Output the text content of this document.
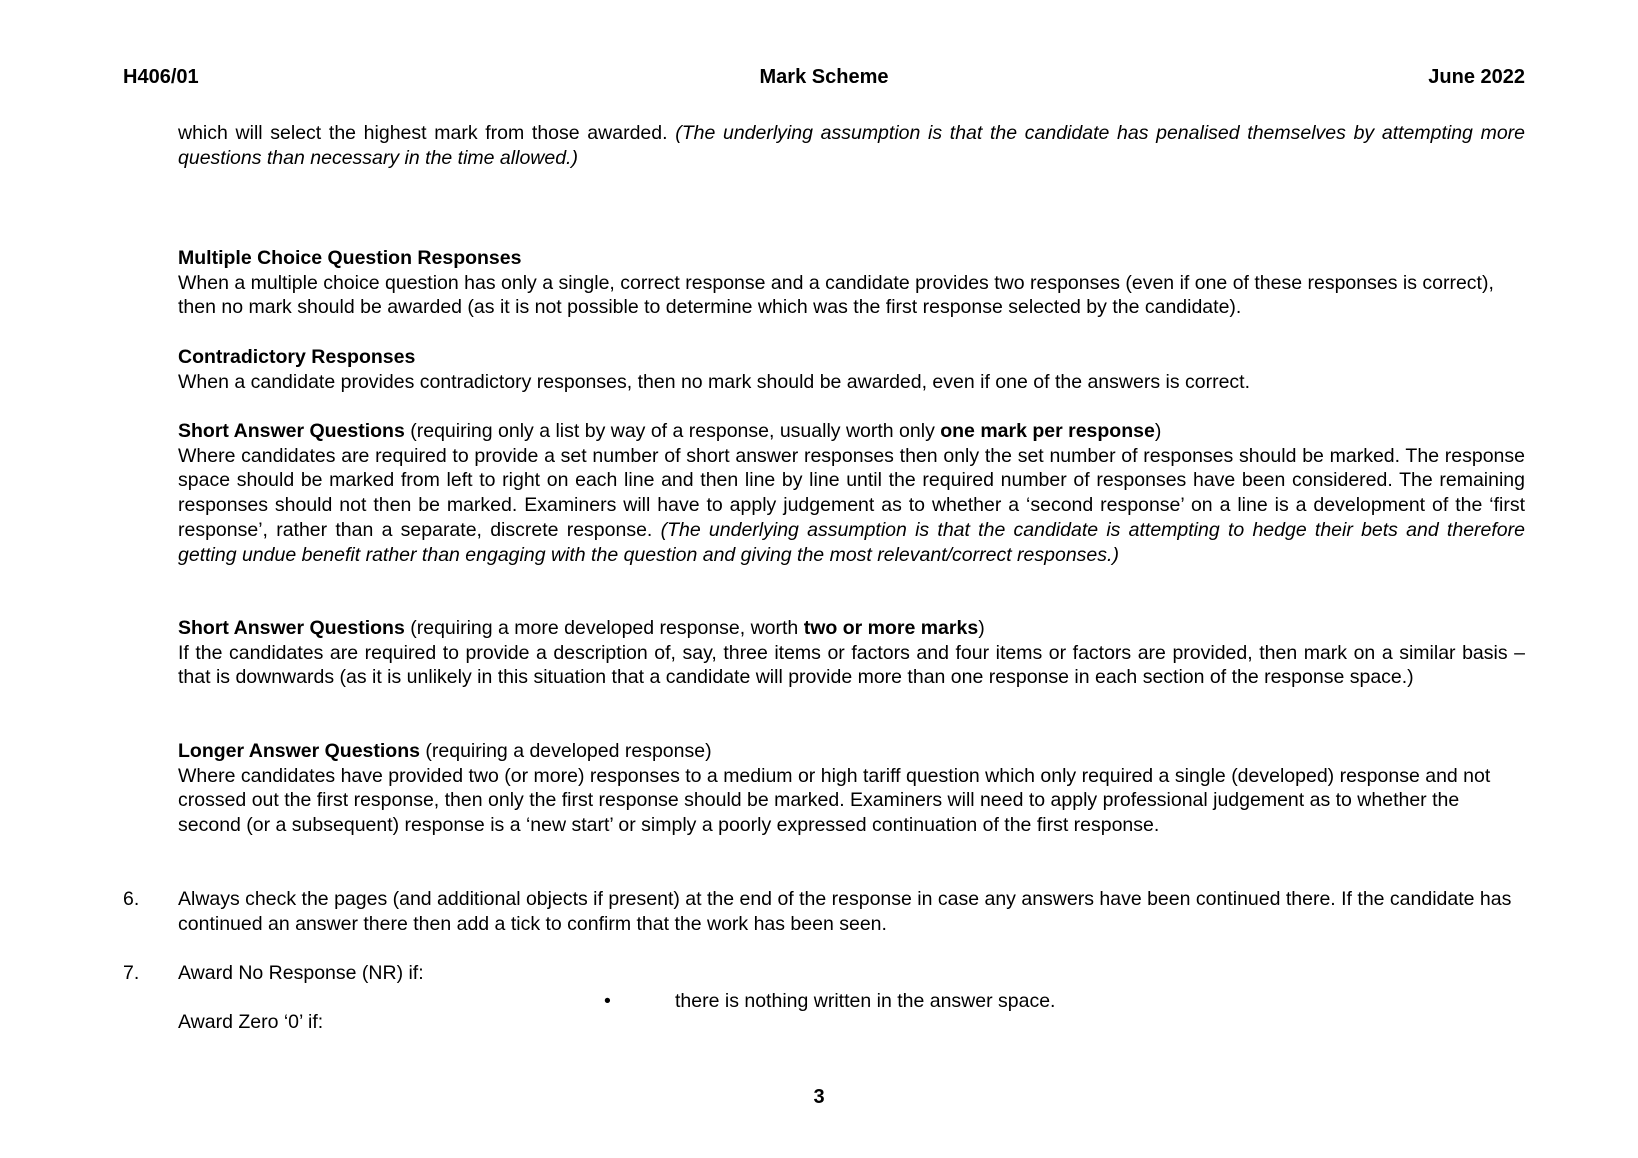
H406/01	Mark Scheme	June 2022

which will select the highest mark from those awarded. (The underlying assumption is that the candidate has penalised themselves by attempting more questions than necessary in the time allowed.)

Multiple Choice Question Responses

When a multiple choice question has only a single, correct response and a candidate provides two responses (even if one of these responses is correct), then no mark should be awarded (as it is not possible to determine which was the first response selected by the candidate).

Contradictory Responses

When a candidate provides contradictory responses, then no mark should be awarded, even if one of the answers is correct.

Short Answer Questions (requiring only a list by way of a response, usually worth only one mark per response)

Where candidates are required to provide a set number of short answer responses then only the set number of responses should be marked. The response space should be marked from left to right on each line and then line by line until the required number of responses have been considered. The remaining responses should not then be marked. Examiners will have to apply judgement as to whether a ‘second response’ on a line is a development of the ‘first response’, rather than a separate, discrete response. (The underlying assumption is that the candidate is attempting to hedge their bets and therefore getting undue benefit rather than engaging with the question and giving the most relevant/correct responses.)

Short Answer Questions (requiring a more developed response, worth two or more marks)

If the candidates are required to provide a description of, say, three items or factors and four items or factors are provided, then mark on a similar basis – that is downwards (as it is unlikely in this situation that a candidate will provide more than one response in each section of the response space.)

Longer Answer Questions (requiring a developed response)

Where candidates have provided two (or more) responses to a medium or high tariff question which only required a single (developed) response and not crossed out the first response, then only the first response should be marked. Examiners will need to apply professional judgement as to whether the second (or a subsequent) response is a ‘new start’ or simply a poorly expressed continuation of the first response.

6. Always check the pages (and additional objects if present) at the end of the response in case any answers have been continued there. If the candidate has continued an answer there then add a tick to confirm that the work has been seen.

7. Award No Response (NR) if:

•	there is nothing written in the answer space.

Award Zero ‘0’ if:

3
